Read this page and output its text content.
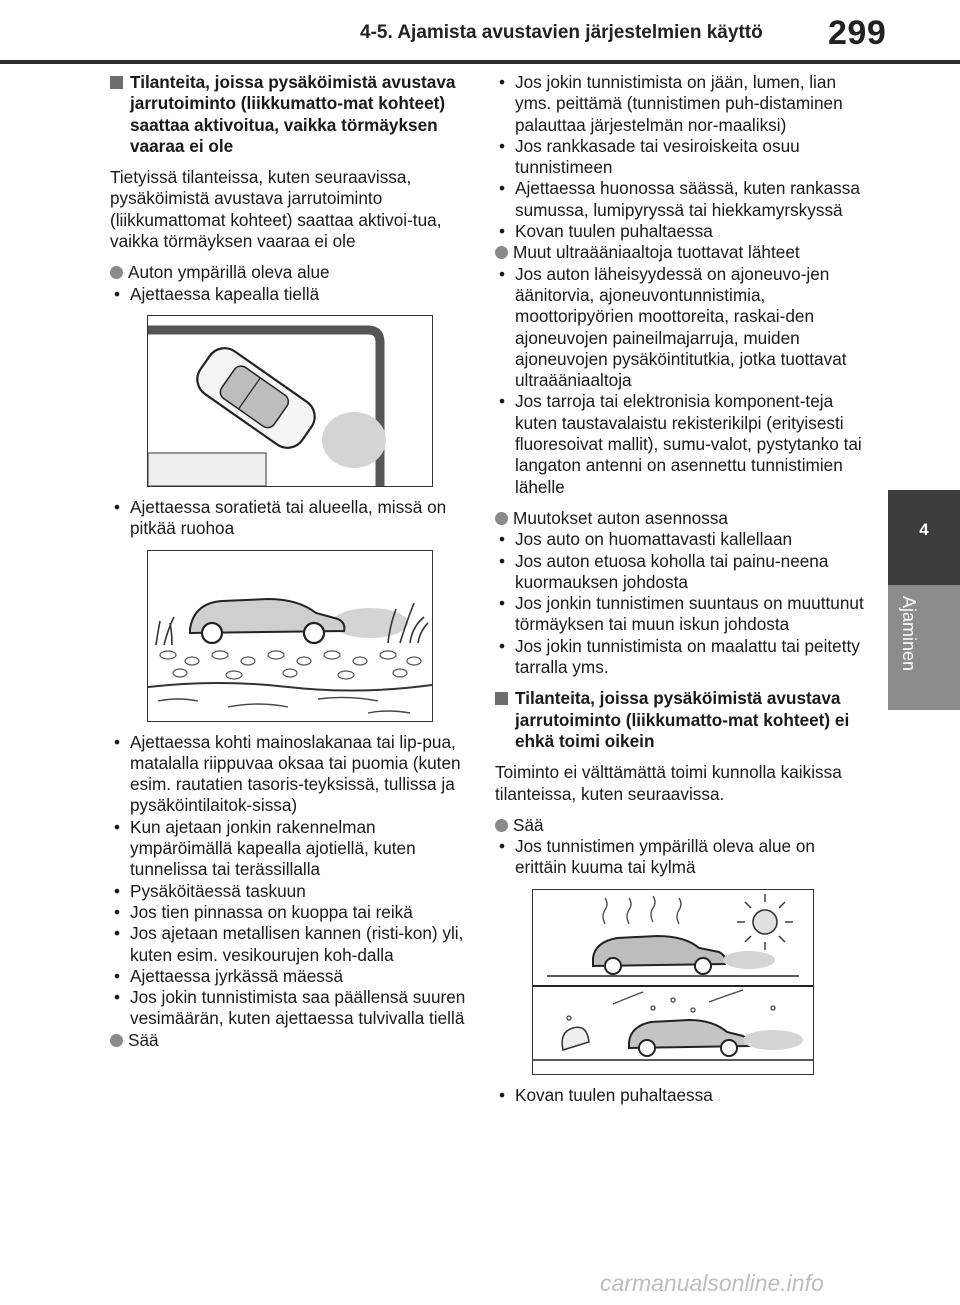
4-5. Ajamista avustavien järjestelmien käyttö 299
4
Ajaminen
Tilanteita, joissa pysäköimistä avustava jarrutoiminto (liikkumatto-mat kohteet) saattaa aktivoitua, vaikka törmäyksen vaaraa ei ole
Tietyissä tilanteissa, kuten seuraavissa, pysäköimistä avustava jarrutoiminto (liikkumattomat kohteet) saattaa aktivoi-tua, vaikka törmäyksen vaaraa ei ole
Auton ympärillä oleva alue
• Ajettaessa kapealla tiellä
• Ajettaessa soratietä tai alueella, missä on pitkää ruohoa
• Ajettaessa kohti mainoslakanaa tai lip-pua, matalalla riippuvaa oksaa tai puomia (kuten esim. rautatien tasoris-teyksissä, tullissa ja pysäköintilaitok-sissa)
• Kun ajetaan jonkin rakennelman ympäröimällä kapealla ajotiellä, kuten tunnelissa tai terässillalla
• Pysäköitäessä taskuun
• Jos tien pinnassa on kuoppa tai reikä
• Jos ajetaan metallisen kannen (risti-kon) yli, kuten esim. vesikourujen koh-dalla
• Ajettaessa jyrkässä mäessä
• Jos jokin tunnistimista saa päällensä suuren vesimäärän, kuten ajettaessa tulvivalla tiellä
Sää
• Jos jokin tunnistimista on jään, lumen, lian yms. peittämä (tunnistimen puh-distaminen palauttaa järjestelmän nor-maaliksi)
• Jos rankkasade tai vesiroiskeita osuu tunnistimeen
• Ajettaessa huonossa säässä, kuten rankassa sumussa, lumipyryssä tai hiekkamyrskyssä
• Kovan tuulen puhaltaessa
Muut ultraääniaaltoja tuottavat lähteet
• Jos auton läheisyydessä on ajoneuvo-jen äänitorvia, ajoneuvontunnistimia, moottoripyörien moottoreita, raskai-den ajoneuvojen paineilmajarruja, muiden ajoneuvojen pysäköintitutkia, jotka tuottavat ultraääniaaltoja
• Jos tarroja tai elektronisia komponent-teja kuten taustavalaistu rekisterikilpi (erityisesti fluoresoivat mallit), sumu-valot, pystytanko tai langaton antenni on asennettu tunnistimien lähelle
Muutokset auton asennossa
• Jos auto on huomattavasti kallellaan
• Jos auton etuosa koholla tai painu-neena kuormauksen johdosta
• Jos jonkin tunnistimen suuntaus on muuttunut törmäyksen tai muun iskun johdosta
• Jos jokin tunnistimista on maalattu tai peitetty tarralla yms.
Tilanteita, joissa pysäköimistä avustava jarrutoiminto (liikkumatto-mat kohteet) ei ehkä toimi oikein
Toiminto ei välttämättä toimi kunnolla kaikissa tilanteissa, kuten seuraavissa.
Sää
• Jos tunnistimen ympärillä oleva alue on erittäin kuuma tai kylmä
• Kovan tuulen puhaltaessa
carmanualsonline.info
